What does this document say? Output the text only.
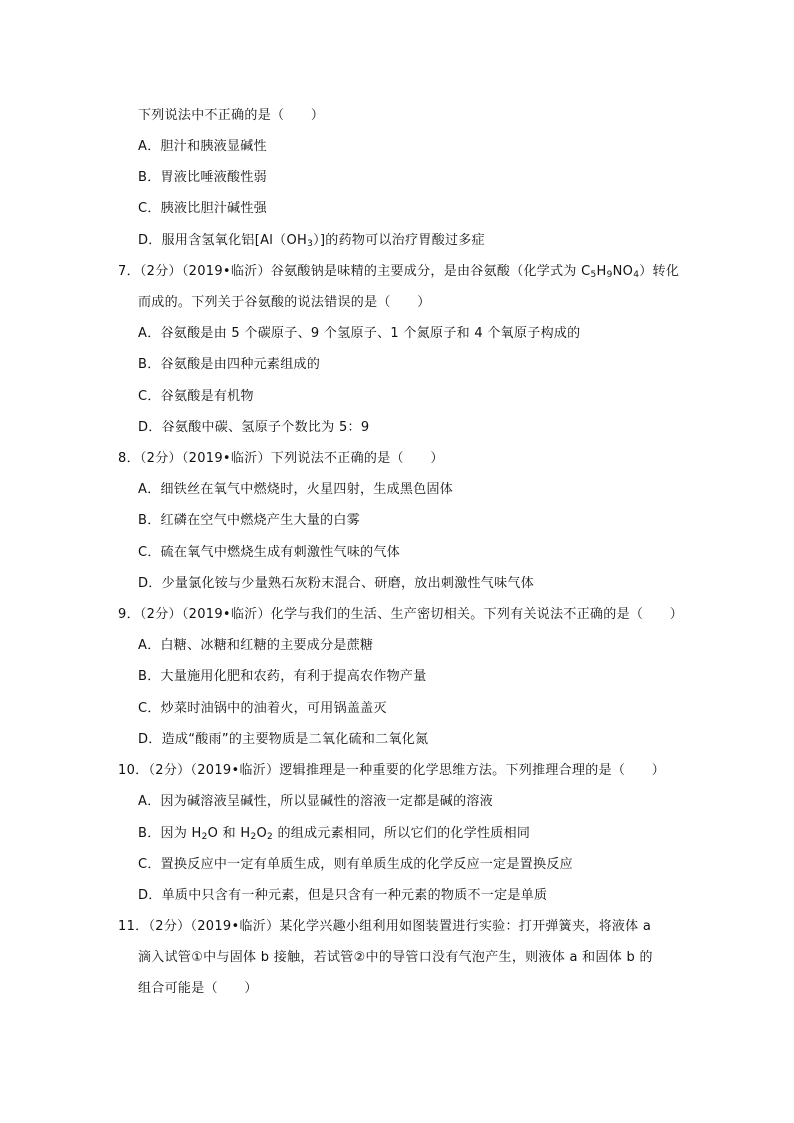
下列说法中不正确的是（　　）
A．胆汁和胰液显碱性
B．胃液比唾液酸性弱
C．胰液比胆汁碱性强
D．服用含氢氧化铝$[Al(OH_3)]$的药物可以治疗胃酸过多症
7．（2分）（2019•临沂）谷氨酸钠是味精的主要成分，是由谷氨酸（化学式为 $C_5H_9NO_4$）转化
而成的。下列关于谷氨酸的说法错误的是（　　）
A．谷氨酸是由 5 个碳原子、9 个氢原子、1 个氮原子和 4 个氧原子构成的
B．谷氨酸是由四种元素组成的
C．谷氨酸是有机物
D．谷氨酸中碳、氢原子个数比为 5：9
8．（2分）（2019•临沂）下列说法不正确的是（　　）
A．细铁丝在氧气中燃烧时，火星四射，生成黑色固体
B．红磷在空气中燃烧产生大量的白雾
C．硫在氧气中燃烧生成有刺激性气味的气体
D．少量氯化铵与少量熟石灰粉末混合、研磨，放出刺激性气味气体
9．（2分）（2019•临沂）化学与我们的生活、生产密切相关。下列有关说法不正确的是（　　）
A．白糖、冰糖和红糖的主要成分是蔗糖
B．大量施用化肥和农药，有利于提高农作物产量
C．炒菜时油锅中的油着火，可用锅盖盖灭
D．造成“酸雨”的主要物质是二氧化硫和二氧化氮
10．（2分）（2019•临沂）逻辑推理是一种重要的化学思维方法。下列推理合理的是（　　）
A．因为碱溶液呈碱性，所以显碱性的溶液一定都是碱的溶液
B．因为 $H_2O$ 和 $H_2O_2$ 的组成元素相同，所以它们的化学性质相同
C．置换反应中一定有单质生成，则有单质生成的化学反应一定是置换反应
D．单质中只含有一种元素，但是只含有一种元素的物质不一定是单质
11．（2分）（2019•临沂）某化学兴趣小组利用如图装置进行实验：打开弹簧夹，将液体 a
滴入试管①中与固体 b 接触，若试管②中的导管口没有气泡产生，则液体 a 和固体 b 的
组合可能是（　　）
